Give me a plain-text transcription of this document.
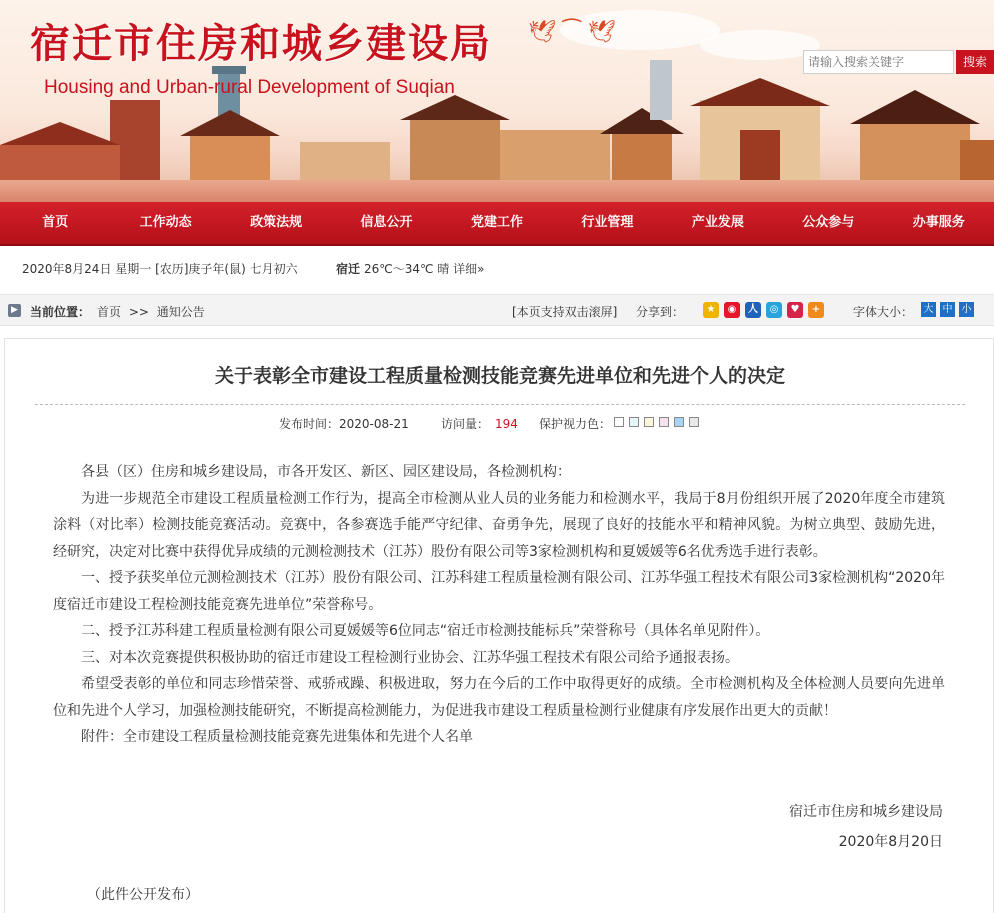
宿迁市住房和城乡建设局
Housing and Urban-rural Development of Suqian
🕊 ⁀ 🕊
请输入搜索关键字
搜索
首页	工作动态	政策法规	信息公开	党建工作	行业管理	产业发展	公众参与	办事服务
2020年8月24日 星期一 [农历]庚子年(鼠) 七月初六	宿迁 26℃～34℃ 晴 详细»
▶ 当前位置： 首页 >> 通知公告	[本页支持双击滚屏] 分享到：	★	◉	人	◎	♥	+	字体大小： 大 中 小
关于表彰全市建设工程质量检测技能竞赛先进单位和先进个人的决定
发布时间：2020-08-21	访问量： 194 保护视力色：

各县（区）住房和城乡建设局，市各开发区、新区、园区建设局，各检测机构：

为进一步规范全市建设工程质量检测工作行为，提高全市检测从业人员的业务能力和检测水平，我局于8月份组织开展了2020年度全市建筑涂料（对比率）检测技能竞赛活动。竞赛中，各参赛选手能严守纪律、奋勇争先，展现了良好的技能水平和精神风貌。为树立典型、鼓励先进，经研究，决定对比赛中获得优异成绩的元测检测技术（江苏）股份有限公司等3家检测机构和夏媛媛等6名优秀选手进行表彰。

一、授予获奖单位元测检测技术（江苏）股份有限公司、江苏科建工程质量检测有限公司、江苏华强工程技术有限公司3家检测机构“2020年度宿迁市建设工程检测技能竞赛先进单位”荣誉称号。

二、授予江苏科建工程质量检测有限公司夏媛媛等6位同志“宿迁市检测技能标兵”荣誉称号（具体名单见附件）。

三、对本次竞赛提供积极协助的宿迁市建设工程检测行业协会、江苏华强工程技术有限公司给予通报表扬。

希望受表彰的单位和同志珍惜荣誉、戒骄戒躁、积极进取，努力在今后的工作中取得更好的成绩。全市检测机构及全体检测人员要向先进单位和先进个人学习，加强检测技能研究，不断提高检测能力，为促进我市建设工程质量检测行业健康有序发展作出更大的贡献！

附件：全市建设工程质量检测技能竞赛先进集体和先进个人名单

宿迁市住房和城乡建设局
2020年8月20日
（此件公开发布）
